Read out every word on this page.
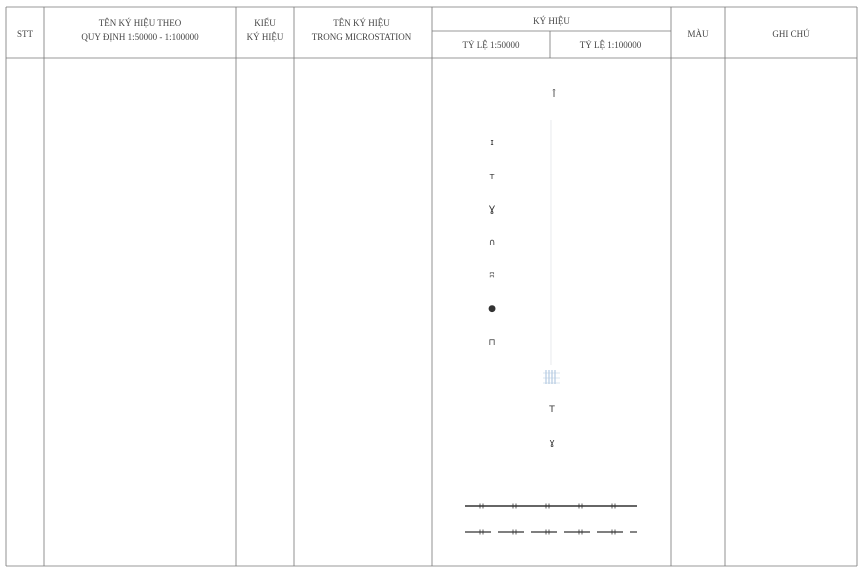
STT
TÊN KÝ HIỆU THEO
QUY ĐỊNH 1:50000 - 1:100000
KIỂU
KÝ HIỆU
TÊN KÝ HIỆU
TRONG MICROSTATION
KÝ HIỆU
TỶ LỆ 1:50000	TỶ LỆ 1:100000
MÀU	GHI CHÚ
ı̊
ɪ
т
Ɣ
∩
ʭ
●
⊓
T
ɣ
